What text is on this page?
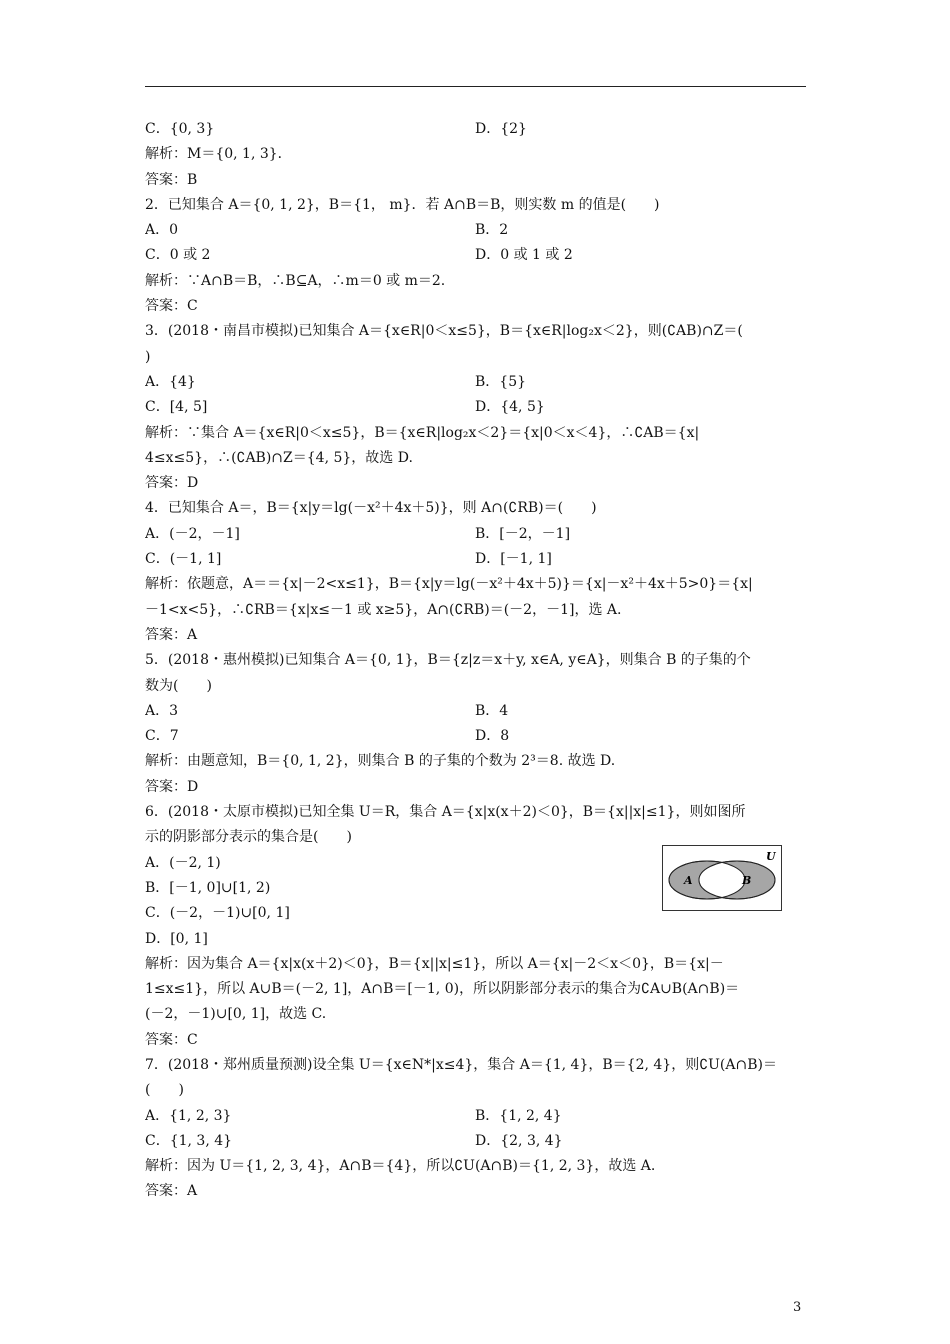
C．{0, 3}	D．{2}
解析：M＝{0, 1, 3}．
答案：B
2．已知集合 A＝{0, 1, 2}，B＝{1， m}．若 A∩B＝B，则实数 m 的值是(　　)
A．0	B．2
C．0 或 2	D．0 或 1 或 2
解析：∵A∩B＝B，∴B⊆A，∴m＝0 或 m＝2.
答案：C
3．(2018・南昌市模拟)已知集合 A＝{x∈R|0＜x≤5}，B＝{x∈R|log₂x＜2}，则(∁AB)∩Z＝(
)
A．{4}	B．{5}
C．[4, 5]	D．{4, 5}
解析：∵集合 A＝{x∈R|0＜x≤5}，B＝{x∈R|log₂x＜2}＝{x|0＜x＜4}，∴∁AB＝{x|
4≤x≤5}，∴(∁AB)∩Z＝{4, 5}，故选 D.
答案：D
4．已知集合 A＝，B＝{x|y＝lg(－x²＋4x＋5)}，则 A∩(∁RB)＝(　　)
A．(－2，－1]	B．[－2，－1]
C．(－1, 1]	D．[－1, 1]
解析：依题意，A＝＝{x|－2<x≤1}，B＝{x|y＝lg(－x²＋4x＋5)}＝{x|－x²＋4x＋5>0}＝{x|
－1<x<5}，∴∁RB＝{x|x≤－1 或 x≥5}，A∩(∁RB)＝(－2，－1]，选 A.
答案：A
5．(2018・惠州模拟)已知集合 A＝{0, 1}，B＝{z|z＝x＋y, x∈A, y∈A}，则集合 B 的子集的个
数为(　　)
A．3	B．4
C．7	D．8
解析：由题意知，B＝{0, 1, 2}，则集合 B 的子集的个数为 2³＝8. 故选 D.
答案：D
6．(2018・太原市模拟)已知全集 U＝R，集合 A＝{x|x(x＋2)＜0}，B＝{x||x|≤1}，则如图所
示的阴影部分表示的集合是(　　)
A．(－2, 1)
B．[－1, 0]∪[1, 2)
C．(－2，－1)∪[0, 1]
D．[0, 1]
解析：因为集合 A＝{x|x(x＋2)＜0}，B＝{x||x|≤1}，所以 A＝{x|－2＜x＜0}，B＝{x|－
1≤x≤1}，所以 A∪B＝(－2, 1]，A∩B＝[－1, 0)，所以阴影部分表示的集合为∁A∪B(A∩B)＝
(－2，－1)∪[0, 1]，故选 C.
答案：C
7．(2018・郑州质量预测)设全集 U＝{x∈N*|x≤4}，集合 A＝{1, 4}，B＝{2, 4}，则∁U(A∩B)＝
(　　)
A．{1, 2, 3}	B．{1, 2, 4}
C．{1, 3, 4}	D．{2, 3, 4}
解析：因为 U＝{1, 2, 3, 4}，A∩B＝{4}，所以∁U(A∩B)＝{1, 2, 3}，故选 A.
答案：A
U
A	B
3
